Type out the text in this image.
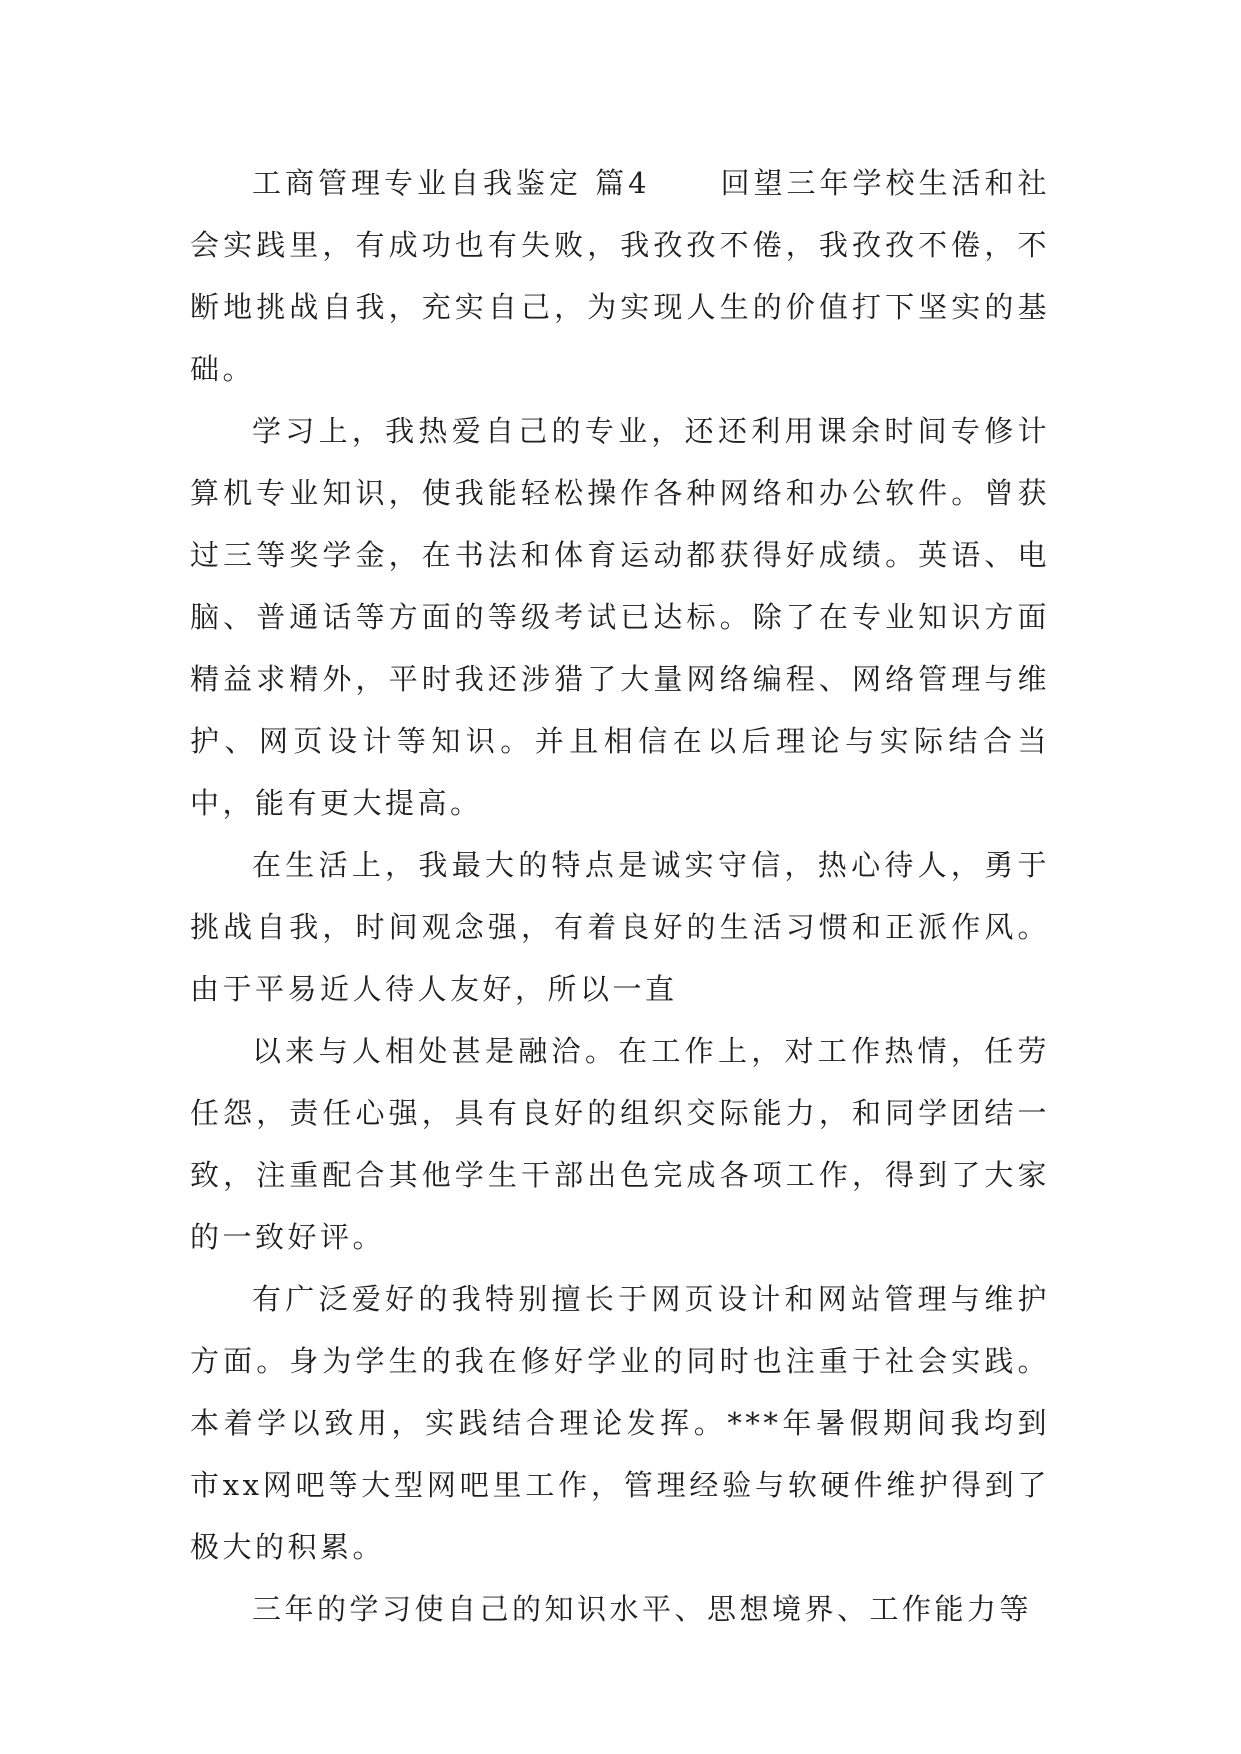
工商管理专业自我鉴定 篇4 回望三年学校生活和社会实践里，有成功也有失败，我孜孜不倦，我孜孜不倦，不断地挑战自我，充实自己，为实现人生的价值打下坚实的基础。

学习上，我热爱自己的专业，还还利用课余时间专修计算机专业知识，使我能轻松操作各种网络和办公软件。曾获过三等奖学金，在书法和体育运动都获得好成绩。英语、电脑、普通话等方面的等级考试已达标。除了在专业知识方面精益求精外，平时我还涉猎了大量网络编程、网络管理与维护、网页设计等知识。并且相信在以后理论与实际结合当中，能有更大提高。

在生活上，我最大的特点是诚实守信，热心待人，勇于挑战自我，时间观念强，有着良好的生活习惯和正派作风。由于平易近人待人友好，所以一直

以来与人相处甚是融洽。在工作上，对工作热情，任劳任怨，责任心强，具有良好的组织交际能力，和同学团结一致，注重配合其他学生干部出色完成各项工作，得到了大家的一致好评。

有广泛爱好的我特别擅长于网页设计和网站管理与维护方面。身为学生的我在修好学业的同时也注重于社会实践。本着学以致用，实践结合理论发挥。***年暑假期间我均到市xx网吧等大型网吧里工作，管理经验与软硬件维护得到了极大的积累。

三年的学习使自己的知识水平、思想境界、工作能力等
